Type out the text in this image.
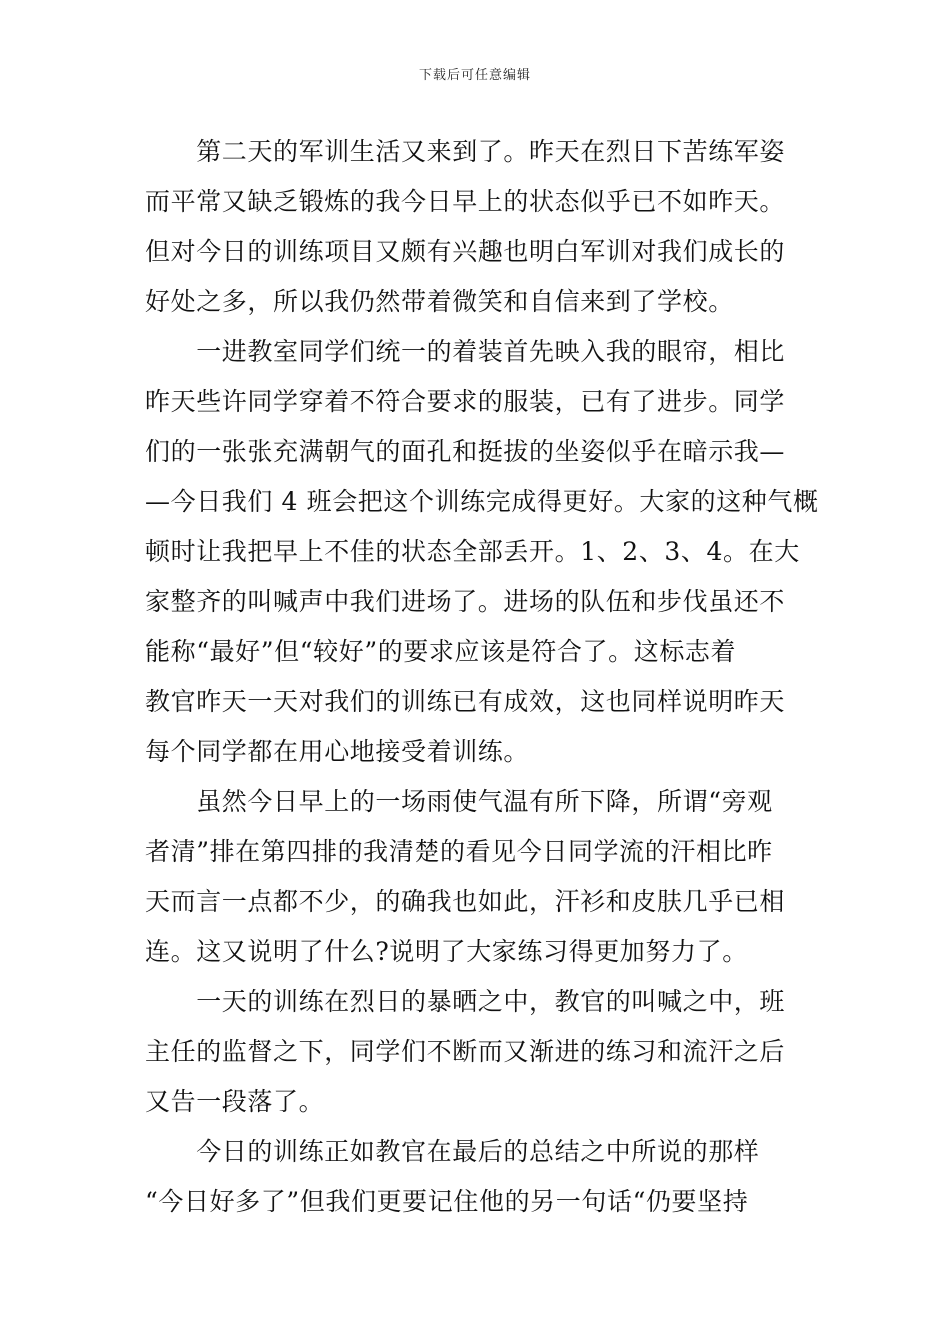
下载后可任意编辑
　　第二天的军训生活又来到了。昨天在烈日下苦练军姿
而平常又缺乏锻炼的我今日早上的状态似乎已不如昨天。
但对今日的训练项目又颇有兴趣也明白军训对我们成长的
好处之多，所以我仍然带着微笑和自信来到了学校。
　　一进教室同学们统一的着装首先映入我的眼帘，相比
昨天些许同学穿着不符合要求的服装，已有了进步。同学
们的一张张充满朝气的面孔和挺拔的坐姿似乎在暗示我—
—今日我们 4 班会把这个训练完成得更好。大家的这种气概
顿时让我把早上不佳的状态全部丢开。1、2、3、4。在大
家整齐的叫喊声中我们进场了。进场的队伍和步伐虽还不
能称“最好”但“较好”的要求应该是符合了。这标志着
教官昨天一天对我们的训练已有成效，这也同样说明昨天
每个同学都在用心地接受着训练。
　　虽然今日早上的一场雨使气温有所下降，所谓“旁观
者清”排在第四排的我清楚的看见今日同学流的汗相比昨
天而言一点都不少，的确我也如此，汗衫和皮肤几乎已相
连。这又说明了什么?说明了大家练习得更加努力了。
　　一天的训练在烈日的暴晒之中，教官的叫喊之中，班
主任的监督之下，同学们不断而又渐进的练习和流汗之后
又告一段落了。
　　今日的训练正如教官在最后的总结之中所说的那样
“今日好多了”但我们更要记住他的另一句话“仍要坚持
